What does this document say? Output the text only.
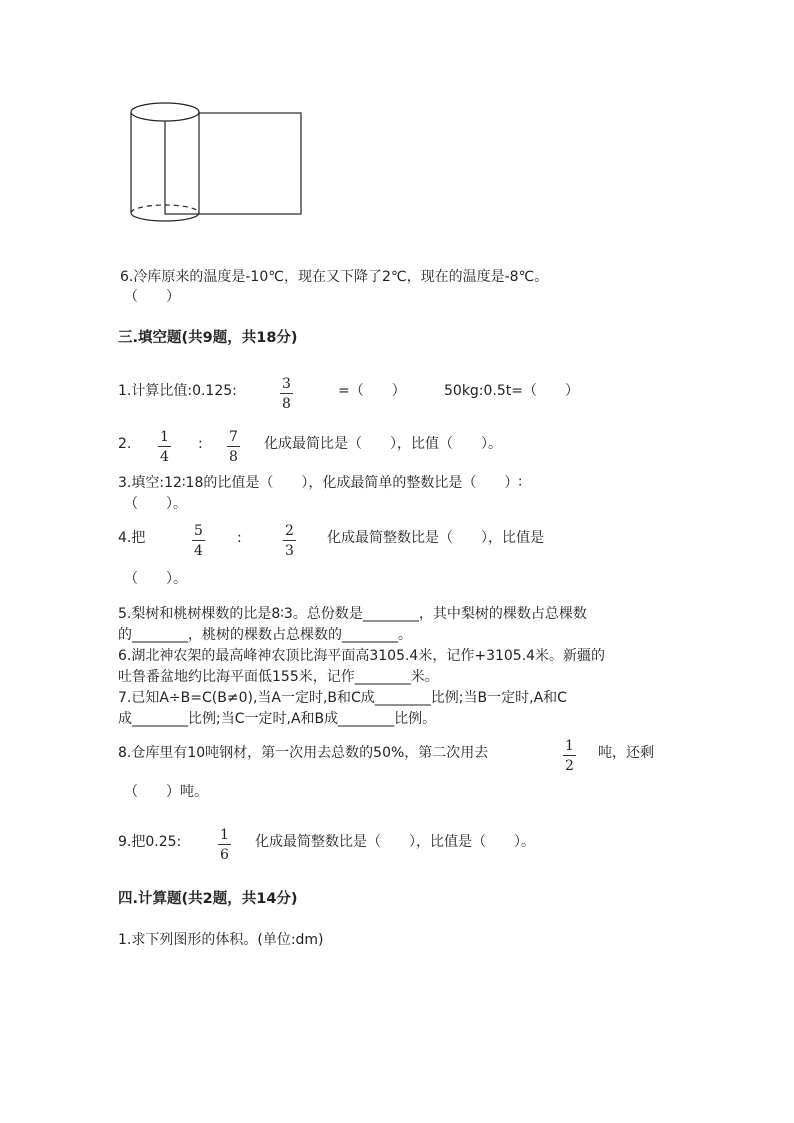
6.冷库原来的温度是-10℃，现在又下降了2℃，现在的温度是-8℃。
（　　）
三.填空题(共9题，共18分)
1.计算比值:0.125:	3
8
=（　　）	50kg:0.5t=（　　）
2. 1
4
: 7
8
化成最简比是（　　），比值（　　）。
3.填空:12∶18的比值是（　　），化成最简单的整数比是（　　）∶
（　　）。
4.把	5
4
:	2
3
化成最简整数比是（　　），比值是
（　　）。
5.梨树和桃树棵数的比是8∶3。总份数是________，其中梨树的棵数占总棵数
的________，桃树的棵数占总棵数的________。
6.湖北神农架的最高峰神农顶比海平面高3105.4米，记作+3105.4米。新疆的
吐鲁番盆地约比海平面低155米，记作________米。
7.已知A÷B=C(B≠0),当A一定时,B和C成________比例;当B一定时,A和C
成________比例;当C一定时,A和B成________比例。
8.仓库里有10吨钢材，第一次用去总数的50%，第二次用去	1
2
吨，还剩
（　　）吨。
9.把0.25:	1
6
化成最简整数比是（　　），比值是（　　）。
四.计算题(共2题，共14分)
1.求下列图形的体积。(单位:dm)
